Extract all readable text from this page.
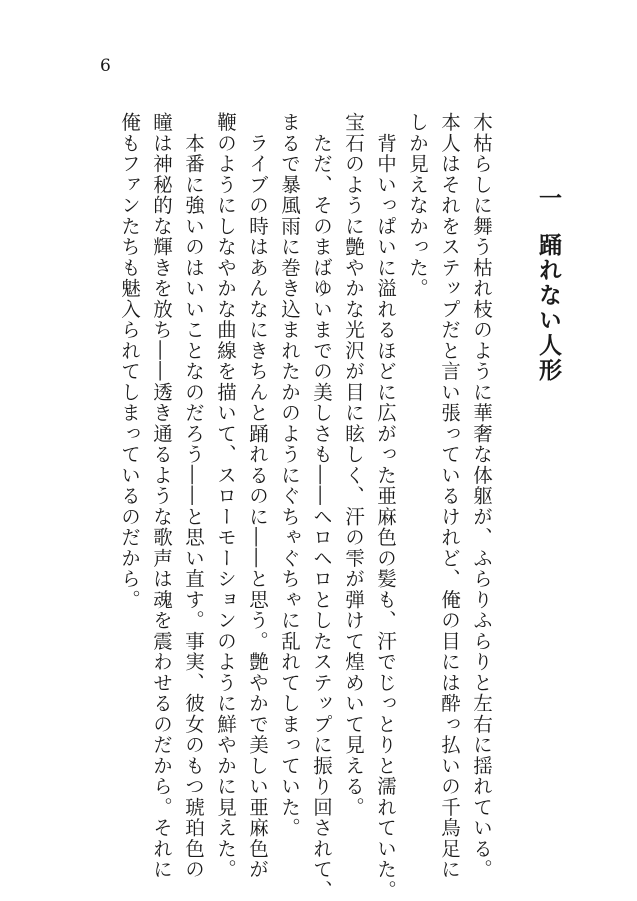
6
一踊れない人形
木枯らしに舞う枯れ枝のように華奢な体躯が、ふらりふらりと左右に揺れている。
本人はそれをステップだと言い張っているけれど、俺の目には酔っ払いの千鳥足に
しか見えなかった。
　背中いっぱいに溢れるほどに広がった亜麻色の髪も、汗でじっとりと濡れていた。
宝石のように艶やかな光沢が目に眩しく、汗の雫が弾けて煌めいて見える。
　ただ、そのまばゆいまでの美しさも――ヘロヘロとしたステップに振り回されて、
まるで暴風雨に巻き込まれたかのようにぐちゃぐちゃに乱れてしまっていた。
　ライブの時はあんなにきちんと踊れるのに――と思う。艶やかで美しい亜麻色が
鞭のようにしなやかな曲線を描いて、スローモーションのように鮮やかに見えた。
　本番に強いのはいいことなのだろう――と思い直す。事実、彼女のもつ琥珀色の
瞳は神秘的な輝きを放ち――透き通るような歌声は魂を震わせるのだから。それに
俺もファンたちも魅入られてしまっているのだから。
